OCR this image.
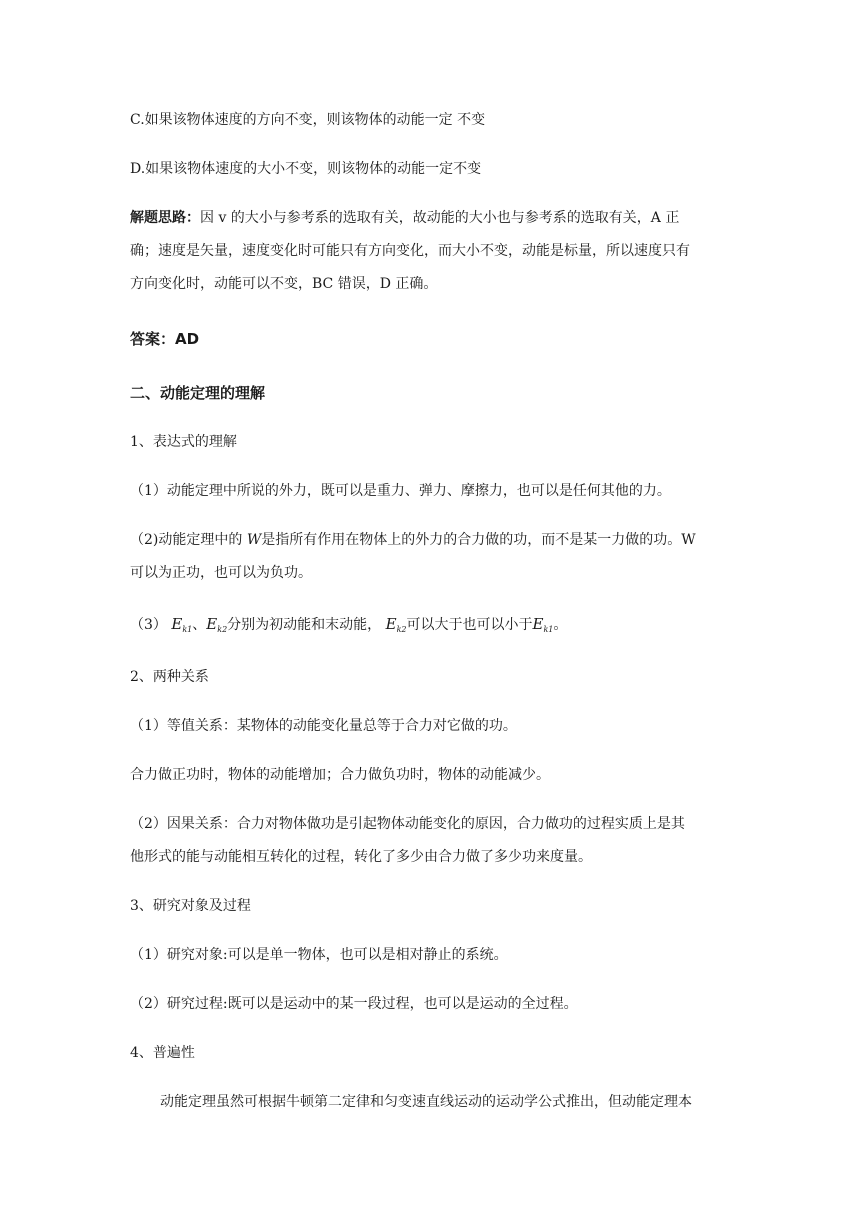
C.如果该物体速度的方向不变，则该物体的动能一定 不变
D.如果该物体速度的大小不变，则该物体的动能一定不变
解题思路：因 v 的大小与参考系的选取有关，故动能的大小也与参考系的选取有关，A 正
确；速度是矢量，速度变化时可能只有方向变化，而大小不变，动能是标量，所以速度只有
方向变化时，动能可以不变，BC 错误，D 正确。
答案：AD
二、动能定理的理解
1、表达式的理解
（1）动能定理中所说的外力，既可以是重力、弹力、摩擦力，也可以是任何其他的力。
（2)动能定理中的 W是指所有作用在物体上的外力的合力做的功，而不是某一力做的功。W
可以为正功，也可以为负功。
（3） $E_{k1}$、$E_{k2}$分别为初动能和末动能， $E_{k2}$可以大于也可以小于$E_{k1}$。
2、两种关系
（1）等值关系：某物体的动能变化量总等于合力对它做的功。
合力做正功时，物体的动能增加；合力做负功时，物体的动能减少。
（2）因果关系：合力对物体做功是引起物体动能变化的原因，合力做功的过程实质上是其
他形式的能与动能相互转化的过程，转化了多少由合力做了多少功来度量。
3、研究对象及过程
（1）研究对象:可以是单一物体，也可以是相对静止的系统。
（2）研究过程:既可以是运动中的某一段过程，也可以是运动的全过程。
4、普遍性
动能定理虽然可根据牛顿第二定律和匀变速直线运动的运动学公式推出，但动能定理本
